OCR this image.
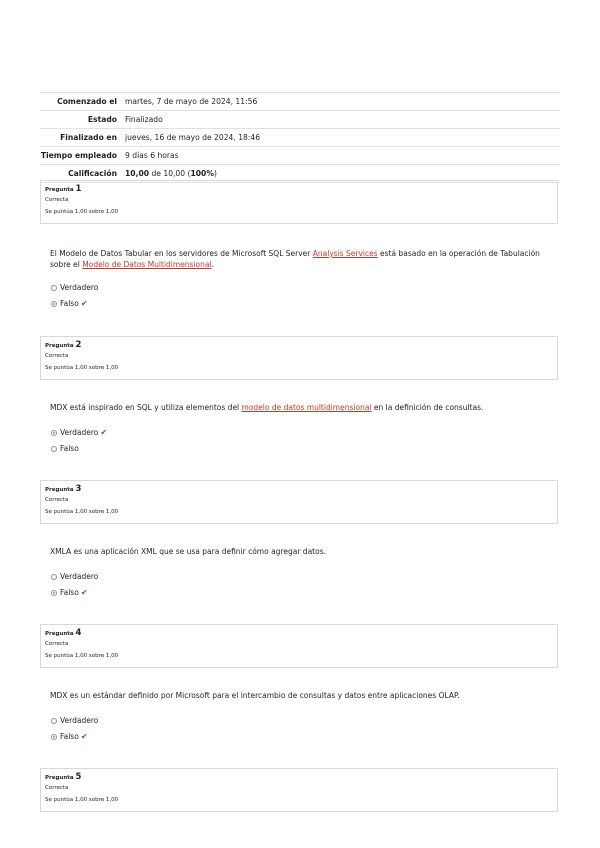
Comenzado el	martes, 7 de mayo de 2024, 11:56
Estado	Finalizado
Finalizado en	jueves, 16 de mayo de 2024, 18:46
Tiempo empleado	9 días 6 horas
Calificación	10,00 de 10,00 (100%)
Pregunta 1
Correcta
Se puntúa 1,00 sobre 1,00
El Modelo de Datos Tabular en los servidores de Microsoft SQL Server Analysis Services está basado en la operación de Tabulación sobre el Modelo de Datos Multidimensional.
Verdadero
Falso ✔
Pregunta 2
Correcta
Se puntúa 1,00 sobre 1,00
MDX está inspirado en SQL y utiliza elementos del modelo de datos multidimensional en la definición de consultas.
Verdadero ✔
Falso
Pregunta 3
Correcta
Se puntúa 1,00 sobre 1,00
XMLA es una aplicación XML que se usa para definir cómo agregar datos.
Verdadero
Falso ✔
Pregunta 4
Correcta
Se puntúa 1,00 sobre 1,00
MDX es un estándar definido por Microsoft para el intercambio de consultas y datos entre aplicaciones OLAP.
Verdadero
Falso ✔
Pregunta 5
Correcta
Se puntúa 1,00 sobre 1,00
